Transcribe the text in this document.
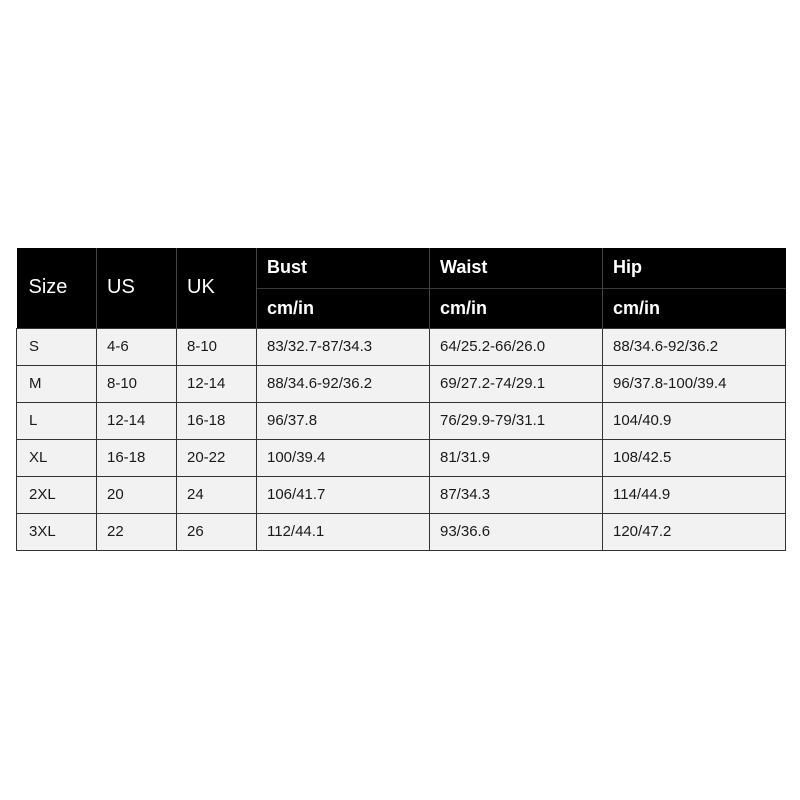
Size	US	UK	Bust	Waist	Hip
			cm/in	cm/in	cm/in
S	4-6	8-10	83/32.7-87/34.3	64/25.2-66/26.0	88/34.6-92/36.2
M	8-10	12-14	88/34.6-92/36.2	69/27.2-74/29.1	96/37.8-100/39.4
L	12-14	16-18	96/37.8	76/29.9-79/31.1	104/40.9
XL	16-18	20-22	100/39.4	81/31.9	108/42.5
2XL	20	24	106/41.7	87/34.3	114/44.9
3XL	22	26	112/44.1	93/36.6	120/47.2
